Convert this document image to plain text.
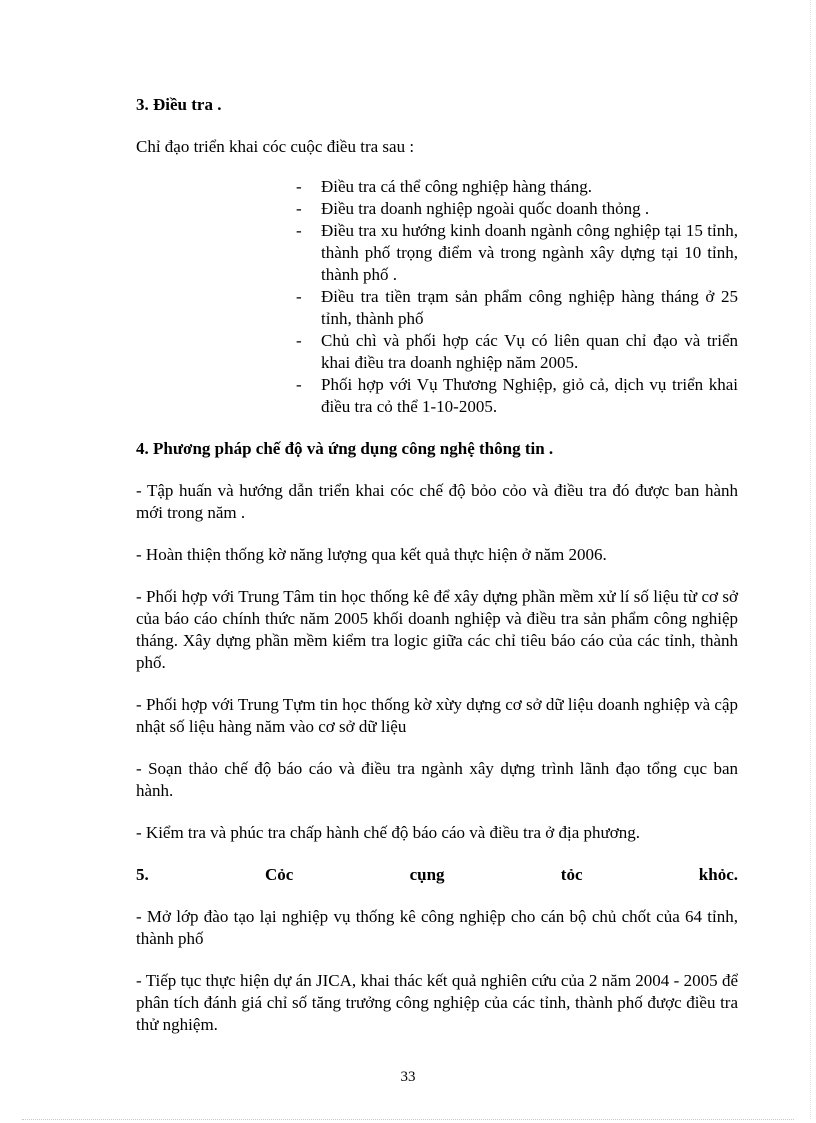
3. Điều tra .

Chỉ đạo triển khai cóc cuộc điều tra sau :

- Điều tra cá thể công nghiệp hàng tháng.
- Điều tra doanh nghiệp ngoài quốc doanh thỏng .
- Điều tra xu hướng kinh doanh ngành công nghiệp tại 15 tỉnh, thành phố trọng điểm và trong ngành xây dựng tại 10 tỉnh, thành phố .
- Điều tra tiền trạm sản phẩm công nghiệp hàng tháng ở 25 tỉnh, thành phố
- Chủ chì và phối hợp các Vụ có liên quan chỉ đạo và triển khai điều tra doanh nghiệp năm 2005.
- Phối hợp với Vụ Thương Nghiệp, giỏ cả, dịch vụ triển khai điều tra cỏ thể 1-10-2005.

4. Phương pháp chế độ và ứng dụng công nghệ thông tin .

- Tập huấn và hướng dẫn triển khai cóc chế độ bỏo cỏo và điều tra đó được ban hành mới trong năm .

- Hoàn thiện thống kờ năng lượng qua kết quả thực hiện ở năm 2006.

- Phối hợp với Trung Tâm tin học thống kê để xây dựng phần mềm xử lí số liệu từ cơ sở của báo cáo chính thức năm 2005 khối doanh nghiệp và điều tra sản phẩm công nghiệp tháng. Xây dựng phần mềm kiểm tra logic giữa các chỉ tiêu báo cáo của các tỉnh, thành phố.

- Phối hợp với Trung Tựm tin học thống kờ xừy dựng cơ sở dữ liệu doanh nghiệp và cập nhật số liệu hàng năm vào cơ sở dữ liệu

- Soạn thảo chế độ báo cáo và điều tra ngành xây dựng trình lãnh đạo tổng cục ban hành.

- Kiểm tra và phúc tra chấp hành chế độ báo cáo và điều tra ở địa phương.

5. Cỏc cụng tỏc khỏc.

- Mở lớp đào tạo lại nghiệp vụ thống kê công nghiệp cho cán bộ chủ chốt của 64 tỉnh, thành phố

- Tiếp tục thực hiện dự án JICA, khai thác kết quả nghiên cứu của 2 năm 2004 - 2005 để phân tích đánh giá chỉ số tăng trưởng công nghiệp của các tỉnh, thành phố được điều tra thử nghiệm.

33
